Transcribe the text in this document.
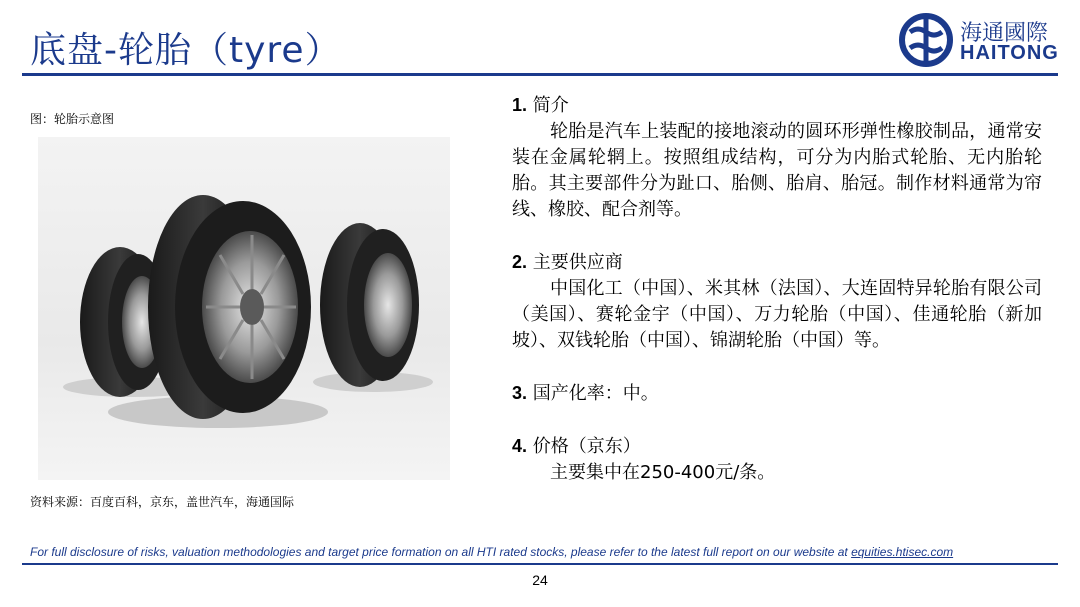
底盘-轮胎（tyre）	海通國際
HAITONG
图：轮胎示意图
资料来源：百度百科，京东，盖世汽车，海通国际
1. 简介
轮胎是汽车上装配的接地滚动的圆环形弹性橡胶制品，通常安装在金属轮辋上。按照组成结构，可分为内胎式轮胎、无内胎轮胎。其主要部件分为趾口、胎侧、胎肩、胎冠。制作材料通常为帘线、橡胶、配合剂等。
2. 主要供应商
中国化工（中国）、米其林（法国）、大连固特异轮胎有限公司（美国）、赛轮金宇（中国）、万力轮胎（中国）、佳通轮胎（新加坡）、双钱轮胎（中国）、锦湖轮胎（中国）等。
3. 国产化率：中。
4. 价格（京东）
主要集中在250-400元/条。
For full disclosure of risks, valuation methodologies and target price formation on all HTI rated stocks, please refer to the latest full report on our website at equities.htisec.com
24
